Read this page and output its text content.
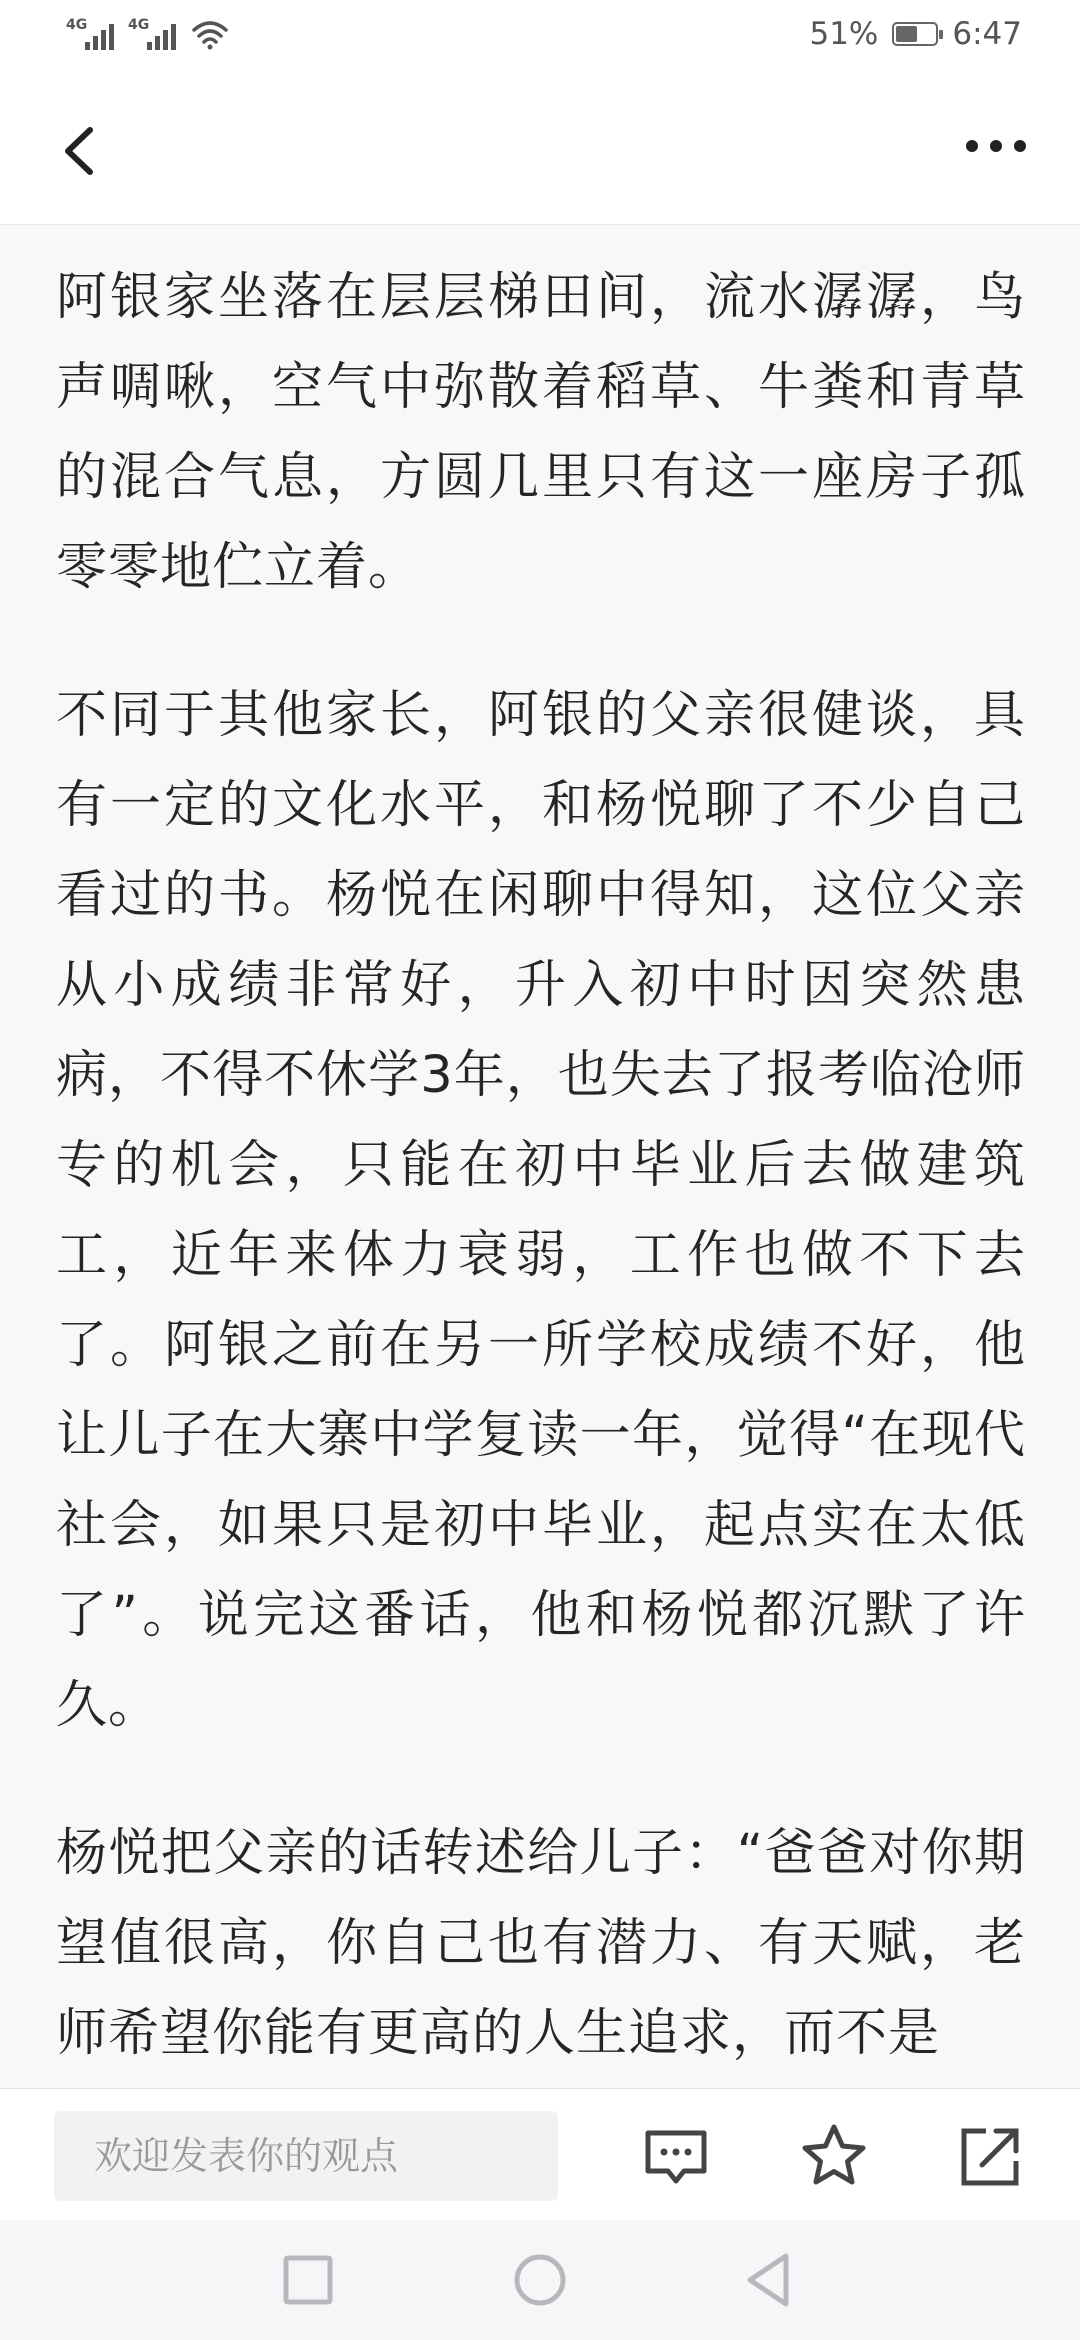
4G	4G	51% 6:47

阿银家坐落在层层梯田间，流水潺潺，鸟声啁啾，空气中弥散着稻草、牛粪和青草的混合气息，方圆几里只有这一座房子孤零零地伫立着。

不同于其他家长，阿银的父亲很健谈，具有一定的文化水平，和杨悦聊了不少自己看过的书。杨悦在闲聊中得知，这位父亲从小成绩非常好，升入初中时因突然患病，不得不休学3年，也失去了报考临沧师专的机会，只能在初中毕业后去做建筑工，近年来体力衰弱，工作也做不下去了。阿银之前在另一所学校成绩不好，他让儿子在大寨中学复读一年，觉得“在现代社会，如果只是初中毕业，起点实在太低了”。说完这番话，他和杨悦都沉默了许久。

杨悦把父亲的话转述给儿子：“爸爸对你期望值很高，你自己也有潜力、有天赋，老师希望你能有更高的人生追求，而不是

欢迎发表你的观点
